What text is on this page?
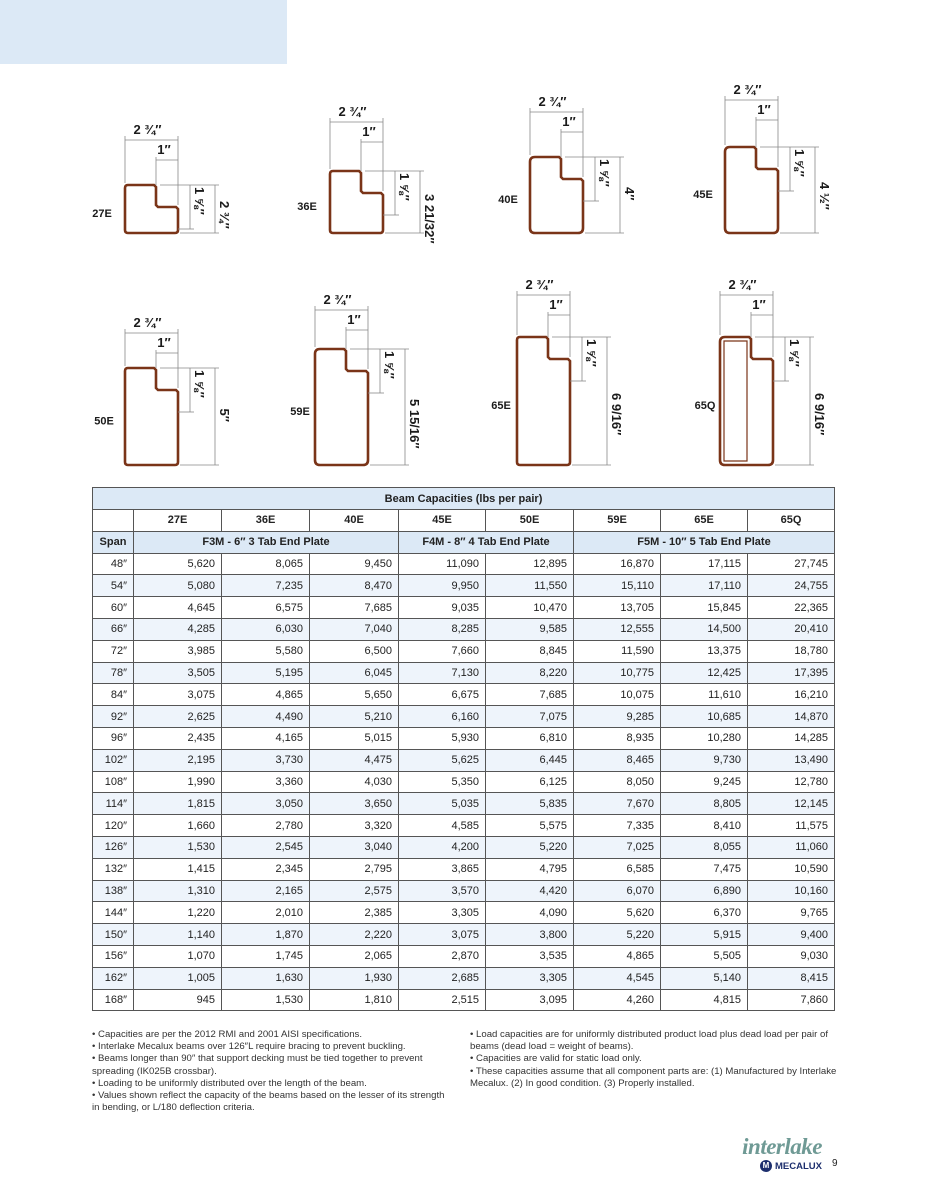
2 ¾″
1″
1 ⅝″
2 ¾″
27E
2 ¾″
1″
1 ⅝″
3 21/32″
36E
2 ¾″
1″
1 ⅝″
4″
40E
2 ¾″
1″
1 ⅝″
4 ½″
45E
2 ¾″
1″
1 ⅝″
5″
50E
2 ¾″
1″
1 ⅝″
5 15/16″
59E
2 ¾″
1″
1 ⅝″
6 9/16″
65E
2 ¾″
1″
1 ⅝″
6 9/16″
65Q
Beam Capacities (lbs per pair)								
	27E	36E	40E	45E	50E	59E	65E	65Q
Span	F3M - 6″ 3 Tab End Plate			F4M - 8″ 4 Tab End Plate		F5M - 10″ 5 Tab End Plate		
48″	5,620	8,065	9,450	11,090	12,895	16,870	17,115	27,745
54″	5,080	7,235	8,470	9,950	11,550	15,110	17,110	24,755
60″	4,645	6,575	7,685	9,035	10,470	13,705	15,845	22,365
66″	4,285	6,030	7,040	8,285	9,585	12,555	14,500	20,410
72″	3,985	5,580	6,500	7,660	8,845	11,590	13,375	18,780
78″	3,505	5,195	6,045	7,130	8,220	10,775	12,425	17,395
84″	3,075	4,865	5,650	6,675	7,685	10,075	11,610	16,210
92″	2,625	4,490	5,210	6,160	7,075	9,285	10,685	14,870
96″	2,435	4,165	5,015	5,930	6,810	8,935	10,280	14,285
102″	2,195	3,730	4,475	5,625	6,445	8,465	9,730	13,490
108″	1,990	3,360	4,030	5,350	6,125	8,050	9,245	12,780
114″	1,815	3,050	3,650	5,035	5,835	7,670	8,805	12,145
120″	1,660	2,780	3,320	4,585	5,575	7,335	8,410	11,575
126″	1,530	2,545	3,040	4,200	5,220	7,025	8,055	11,060
132″	1,415	2,345	2,795	3,865	4,795	6,585	7,475	10,590
138″	1,310	2,165	2,575	3,570	4,420	6,070	6,890	10,160
144″	1,220	2,010	2,385	3,305	4,090	5,620	6,370	9,765
150″	1,140	1,870	2,220	3,075	3,800	5,220	5,915	9,400
156″	1,070	1,745	2,065	2,870	3,535	4,865	5,505	9,030
162″	1,005	1,630	1,930	2,685	3,305	4,545	5,140	8,415
168″	945	1,530	1,810	2,515	3,095	4,260	4,815	7,860

• Capacities are per the 2012 RMI and 2001 AISI specifications.

• Interlake Mecalux beams over 126″L require bracing to prevent buckling.

• Beams longer than 90″ that support decking must be tied together to prevent spreading (IK025B crossbar).

• Loading to be uniformly distributed over the length of the beam.

• Values shown reflect the capacity of the beams based on the lesser of its strength in bending, or L/180 deflection criteria.

• Load capacities are for uniformly distributed product load plus dead load per pair of beams (dead load = weight of beams).

• Capacities are valid for static load only.

• These capacities assume that all component parts are: (1) Manufactured by Interlake Mecalux. (2) In good condition. (3) Properly installed.

interlake
M MECALUX 9
